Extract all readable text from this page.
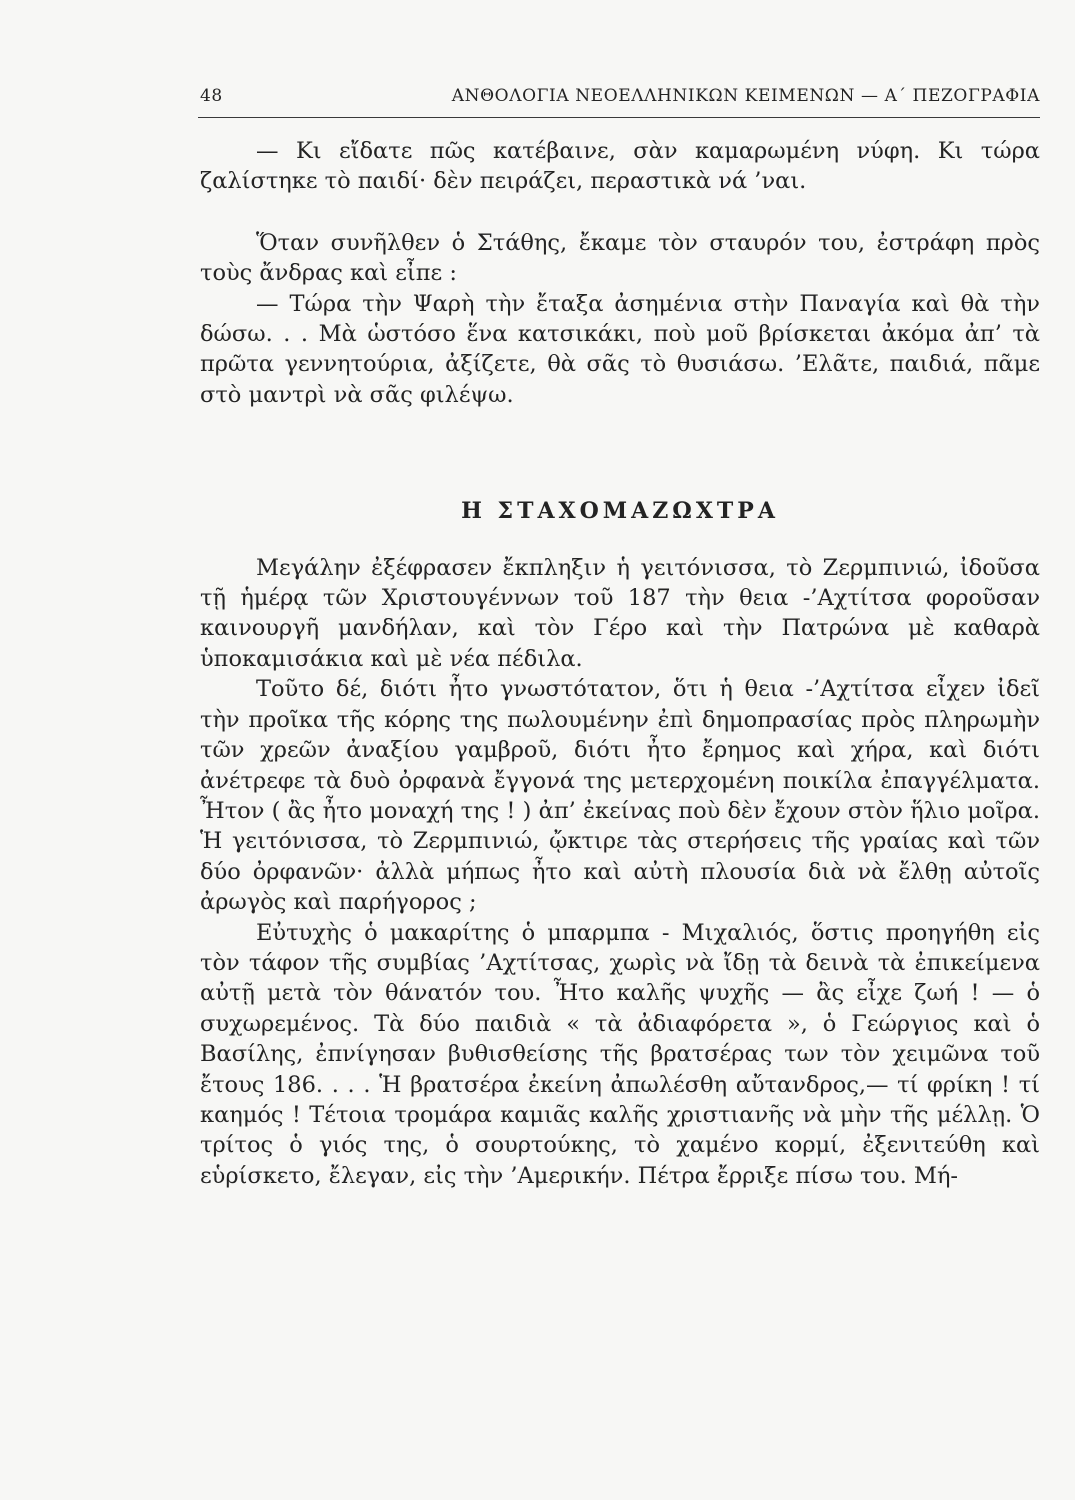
48	ΑΝΘΟΛΟΓΙΑ ΝΕΟΕΛΛΗΝΙΚΩΝ ΚΕΙΜΕΝΩΝ — Α΄ ΠΕΖΟΓΡΑΦΙΑ

— Κι εἴδατε πῶς κατέβαινε, σὰν καμαρωμένη νύφη. Κι τώρα ζαλίστηκε τὸ παιδί· δὲν πειράζει, περαστικὰ νά ’ναι.

Ὅταν συνῆλθεν ὁ Στάθης, ἔκαμε τὸν σταυρόν του, ἐστράφη πρὸς τοὺς ἄνδρας καὶ εἶπε :

— Τώρα τὴν Ψαρὴ τὴν ἔταξα ἀσημένια στὴν Παναγία καὶ θὰ τὴν δώσω. . . Μὰ ὡστόσο ἕνα κατσικάκι, ποὺ μοῦ βρίσκεται ἀκόμα ἀπ’ τὰ πρῶτα γεννητούρια, ἀξίζετε, θὰ σᾶς τὸ θυσιάσω. ’Ελᾶτε, παιδιά, πᾶμε στὸ μαντρὶ νὰ σᾶς φιλέψω.

Η ΣΤΑΧΟΜΑΖΩΧΤΡΑ

Μεγάλην ἐξέφρασεν ἔκπληξιν ἡ γειτόνισσα, τὸ Ζερμπινιώ, ἰδοῦσα τῇ ἡμέρᾳ τῶν Χριστουγέννων τοῦ 187 τὴν θεια -’Αχτίτσα φοροῦσαν καινουργῆ μανδήλαν, καὶ τὸν Γέρο καὶ τὴν Πατρώνα μὲ καθαρὰ ὑποκαμισάκια καὶ μὲ νέα πέδιλα.

Τοῦτο δέ, διότι ἦτο γνωστότατον, ὅτι ἡ θεια -’Αχτίτσα εἶχεν ἰδεῖ τὴν προῖκα τῆς κόρης της πωλουμένην ἐπὶ δημοπρασίας πρὸς πληρωμὴν τῶν χρεῶν ἀναξίου γαμβροῦ, διότι ἦτο ἔρημος καὶ χήρα, καὶ διότι ἀνέτρεφε τὰ δυὸ ὀρφανὰ ἔγγονά της μετερχομένη ποικίλα ἐπαγγέλματα. Ἦτον ( ἂς ἦτο μοναχή της ! ) ἀπ’ ἐκείνας ποὺ δὲν ἔχουν στὸν ἥλιο μοῖρα. Ἡ γειτόνισσα, τὸ Ζερμπινιώ, ᾤκτιρε τὰς στερήσεις τῆς γραίας καὶ τῶν δύο ὀρφανῶν· ἀλλὰ μήπως ἦτο καὶ αὐτὴ πλουσία διὰ νὰ ἔλθῃ αὐτοῖς ἀρωγὸς καὶ παρήγορος ;

Εὐτυχὴς ὁ μακαρίτης ὁ μπαρμπα - Μιχαλιός, ὅστις προηγήθη εἰς τὸν τάφον τῆς συμβίας ’Αχτίτσας, χωρὶς νὰ ἴδῃ τὰ δεινὰ τὰ ἐπικείμενα αὐτῇ μετὰ τὸν θάνατόν του. Ἦτο καλῆς ψυχῆς — ἂς εἶχε ζωή ! — ὁ συχωρεμένος. Τὰ δύο παιδιὰ « τὰ ἀδιαφόρετα », ὁ Γεώργιος καὶ ὁ Βασίλης, ἐπνίγησαν βυθισθείσης τῆς βρατσέρας των τὸν χειμῶνα τοῦ ἔτους 186. . . . Ἡ βρατσέρα ἐκείνη ἀπωλέσθη αὔτανδρος,— τί φρίκη ! τί καημός ! Τέτοια τρομάρα καμιᾶς καλῆς χριστιανῆς νὰ μὴν τῆς μέλλῃ. Ὁ τρίτος ὁ γιός της, ὁ σουρτούκης, τὸ χαμένο κορμί, ἐξενιτεύθη καὶ εὑρίσκετο, ἔλεγαν, εἰς τὴν ’Αμερικήν. Πέτρα ἔρριξε πίσω του. Μή-
